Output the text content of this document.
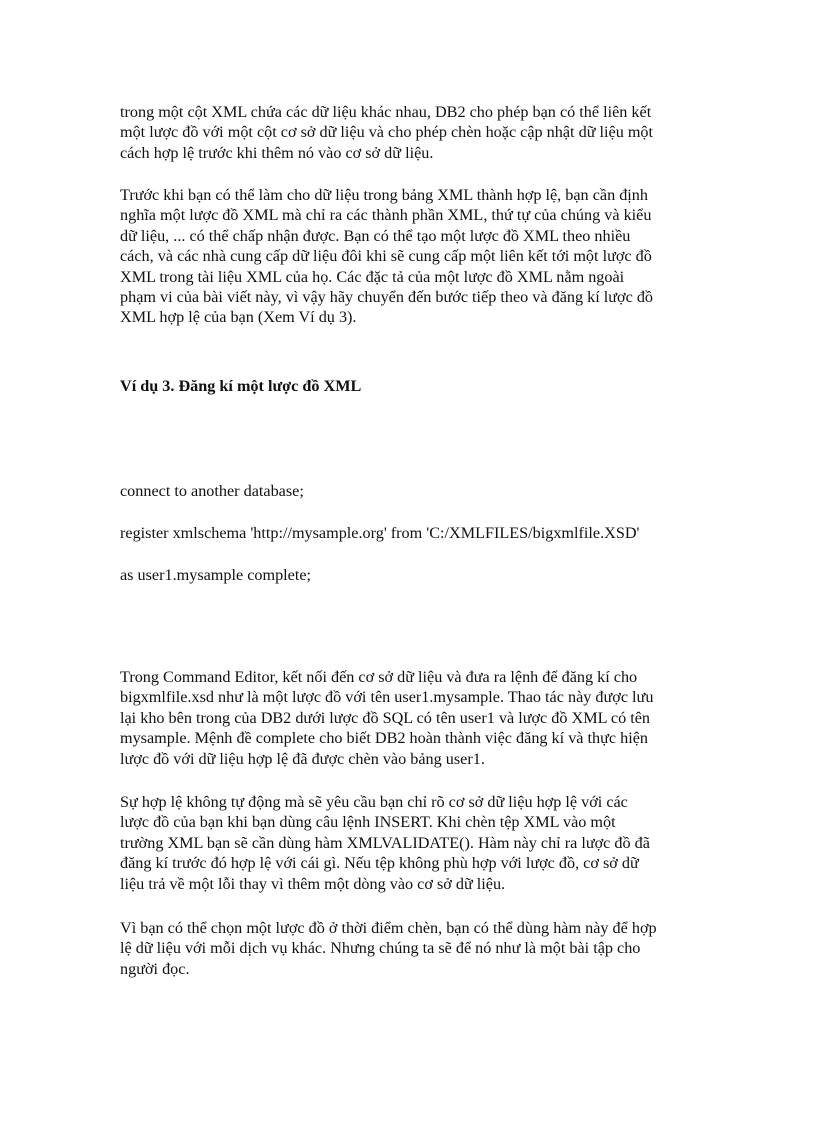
trong một cột XML chứa các dữ liệu khác nhau, DB2 cho phép bạn có thể liên kết
một lược đồ với một cột cơ sở dữ liệu và cho phép chèn hoặc cập nhật dữ liệu một
cách hợp lệ trước khi thêm nó vào cơ sở dữ liệu.

Trước khi bạn có thể làm cho dữ liệu trong bảng XML thành hợp lệ, bạn cần định
nghĩa một lược đồ XML mà chỉ ra các thành phần XML, thứ tự của chúng và kiểu
dữ liệu, ... có thể chấp nhận được. Bạn có thể tạo một lược đồ XML theo nhiều
cách, và các nhà cung cấp dữ liệu đôi khi sẽ cung cấp một liên kết tới một lược đồ
XML trong tài liệu XML của họ. Các đặc tả của một lược đồ XML nằm ngoài
phạm vi của bài viết này, vì vậy hãy chuyển đến bước tiếp theo và đăng kí lược đồ
XML hợp lệ của bạn (Xem Ví dụ 3).

Ví dụ 3. Đăng kí một lược đồ XML

connect to another database;

register xmlschema 'http://mysample.org' from 'C:/XMLFILES/bigxmlfile.XSD'

as user1.mysample complete;

Trong Command Editor, kết nối đến cơ sở dữ liệu và đưa ra lệnh để đăng kí cho
bigxmlfile.xsd như là một lược đồ với tên user1.mysample. Thao tác này được lưu
lại kho bên trong của DB2 dưới lược đồ SQL có tên user1 và lược đồ XML có tên
mysample. Mệnh đề complete cho biết DB2 hoàn thành việc đăng kí và thực hiện
lược đồ với dữ liệu hợp lệ đã được chèn vào bảng user1.

Sự hợp lệ không tự động mà sẽ yêu cầu bạn chỉ rõ cơ sở dữ liệu hợp lệ với các
lược đồ của bạn khi bạn dùng câu lệnh INSERT. Khi chèn tệp XML vào một
trường XML bạn sẽ cần dùng hàm XMLVALIDATE(). Hàm này chỉ ra lược đồ đã
đăng kí trước đó hợp lệ với cái gì. Nếu tệp không phù hợp với lược đồ, cơ sở dữ
liệu trả về một lỗi thay vì thêm một dòng vào cơ sở dữ liệu.

Vì bạn có thể chọn một lược đồ ở thời điểm chèn, bạn có thể dùng hàm này để hợp
lệ dữ liệu với mỗi dịch vụ khác. Nhưng chúng ta sẽ để nó như là một bài tập cho
người đọc.
